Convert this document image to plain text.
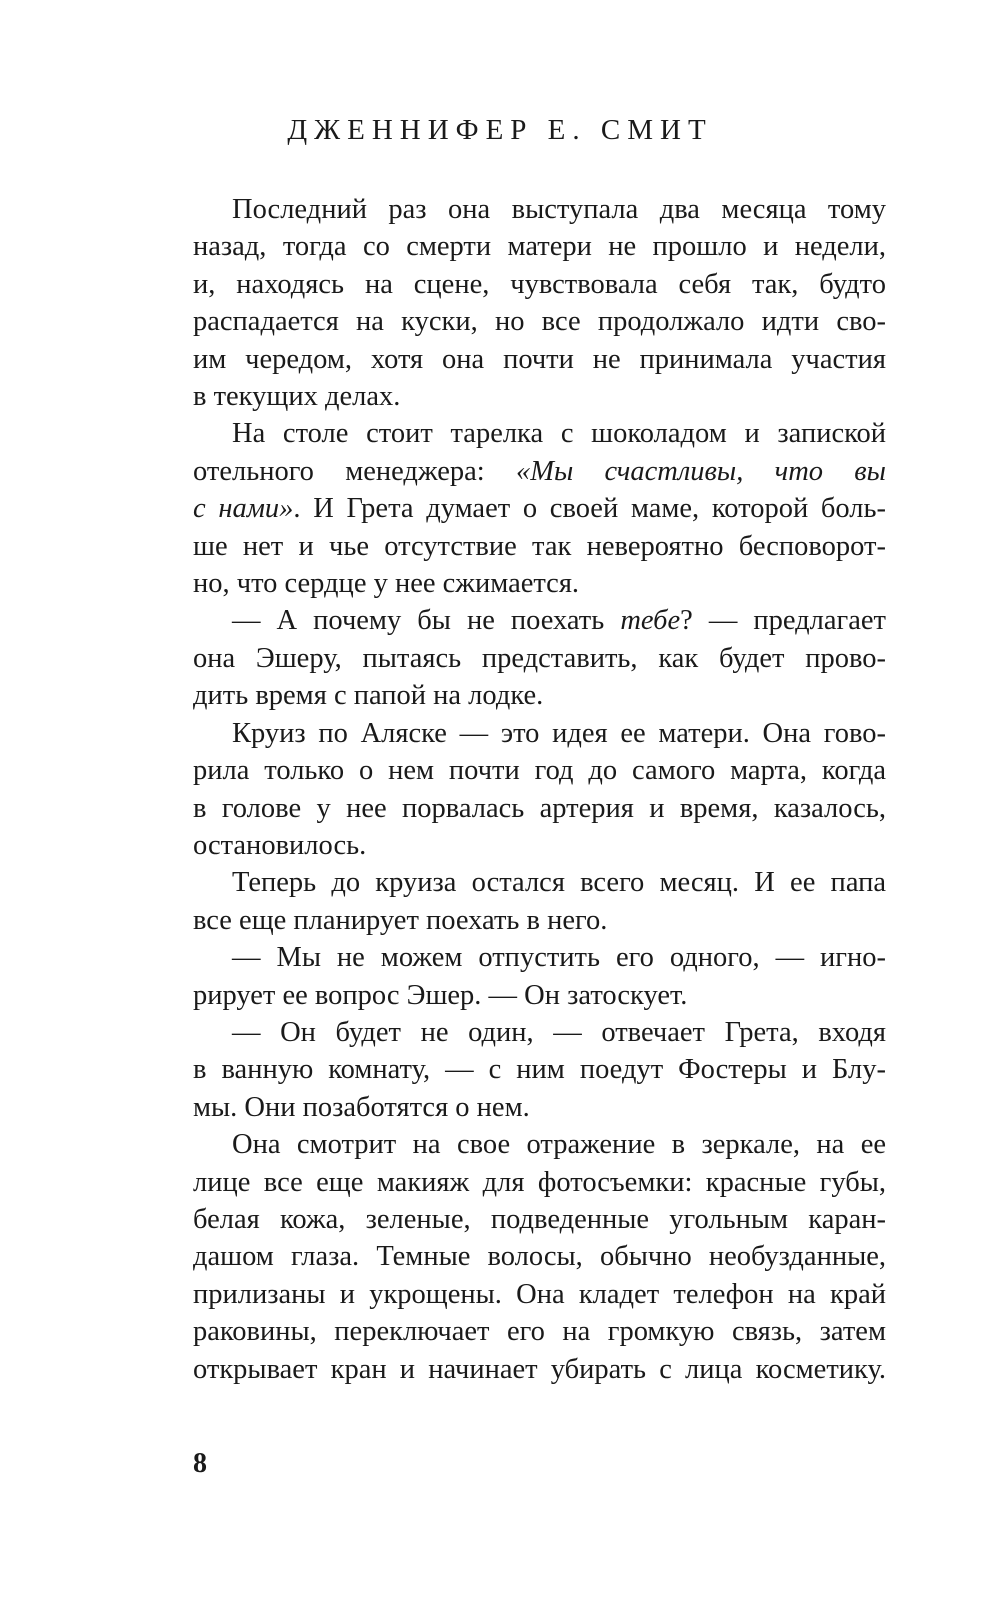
ДЖЕННИФЕР Е. СМИТ

Последний раз она выступала два месяца тому
назад, тогда со смерти матери не прошло и недели,
и, находясь на сцене, чувствовала себя так, будто
распадается на куски, но все продолжало идти сво-
им чередом, хотя она почти не принимала участия
в текущих делах.

На столе стоит тарелка с шоколадом и запиской
отельного менеджера: «Мы счастливы, что вы
с нами». И Грета думает о своей маме, которой боль-
ше нет и чье отсутствие так невероятно бесповорот-
но, что сердце у нее сжимается.

— А почему бы не поехать тебе? — предлагает
она Эшеру, пытаясь представить, как будет прово-
дить время с папой на лодке.

Круиз по Аляске — это идея ее матери. Она гово-
рила только о нем почти год до самого марта, когда
в голове у нее порвалась артерия и время, казалось,
остановилось.

Теперь до круиза остался всего месяц. И ее папа
все еще планирует поехать в него.

— Мы не можем отпустить его одного, — игно-
рирует ее вопрос Эшер. — Он затоскует.

— Он будет не один, — отвечает Грета, входя
в ванную комнату, — с ним поедут Фостеры и Блу-
мы. Они позаботятся о нем.

Она смотрит на свое отражение в зеркале, на ее
лице все еще макияж для фотосъемки: красные губы,
белая кожа, зеленые, подведенные угольным каран-
дашом глаза. Темные волосы, обычно необузданные,
прилизаны и укрощены. Она кладет телефон на край
раковины, переключает его на громкую связь, затем
открывает кран и начинает убирать с лица косметику.

8
